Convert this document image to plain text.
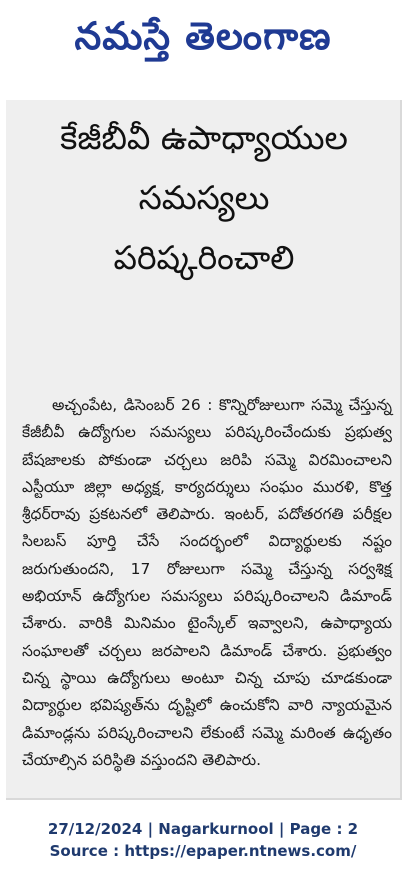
నమస్తే తెలంగాణ
కేజీబీవీ ఉపాధ్యాయుల
సమస్యలు
పరిష్కరించాలి

అచ్చంపేట, డిసెంబర్ 26 : కొన్నిరోజులుగా సమ్మె చేస్తున్న కేజీబీవీ ఉద్యోగుల సమస్యలు పరిష్కరించేందుకు ప్రభుత్వ బేషజాలకు పోకుండా చర్చలు జరిపి సమ్మె విరమించాలని ఎస్టీయూ జిల్లా అధ్యక్ష, కార్యదర్శులు సంఘం మురళి, కొత్త శ్రీధర్‌రావు ప్రకటనలో తెలిపారు. ఇంటర్, పదోతరగతి పరీక్షల సిలబస్ పూర్తి చేసే సందర్భంలో విద్యార్థులకు నష్టం జరుగుతుందని, 17 రోజులుగా సమ్మె చేస్తున్న సర్వశిక్ష అభియాన్ ఉద్యోగుల సమస్యలు పరిష్కరించాలని డిమాండ్ చేశారు. వారికి మినిమం టైంస్కేల్ ఇవ్వాలని, ఉపాధ్యాయ సంఘాలతో చర్చలు జరపాలని డిమాండ్ చేశారు. ప్రభుత్వం చిన్న స్థాయి ఉద్యోగులు అంటూ చిన్న చూపు చూడకుండా విద్యార్థుల భవిష్యత్‌ను దృష్టిలో ఉంచుకోని వారి న్యాయమైన డిమాండ్లను పరిష్కరించాలని లేకుంటే సమ్మె మరింత ఉధృతం చేయాల్సిన పరిస్థితి వస్తుందని తెలిపారు.

27/12/2024 | Nagarkurnool | Page : 2
Source : https://epaper.ntnews.com/
